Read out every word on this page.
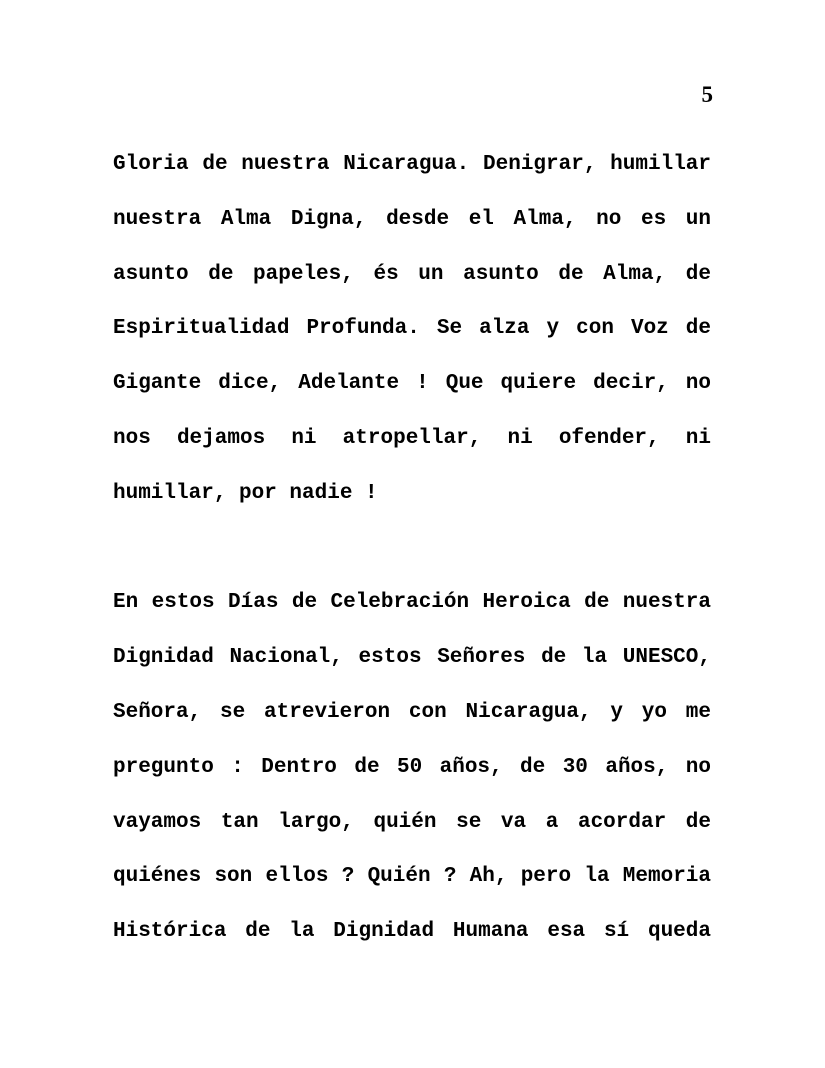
5
Gloria de nuestra Nicaragua. Denigrar, humillar
nuestra Alma Digna, desde el Alma, no es un
asunto de papeles, és un asunto de Alma, de
Espiritualidad Profunda. Se alza y con Voz de
Gigante dice, Adelante ! Que quiere decir, no
nos dejamos ni atropellar, ni ofender, ni
humillar, por nadie !
En estos Días de Celebración Heroica de nuestra
Dignidad Nacional, estos Señores de la UNESCO,
Señora, se atrevieron con Nicaragua, y yo me
pregunto : Dentro de 50 años, de 30 años, no
vayamos tan largo, quién se va a acordar de
quiénes son ellos ? Quién ? Ah, pero la Memoria
Histórica de la Dignidad Humana esa sí queda
